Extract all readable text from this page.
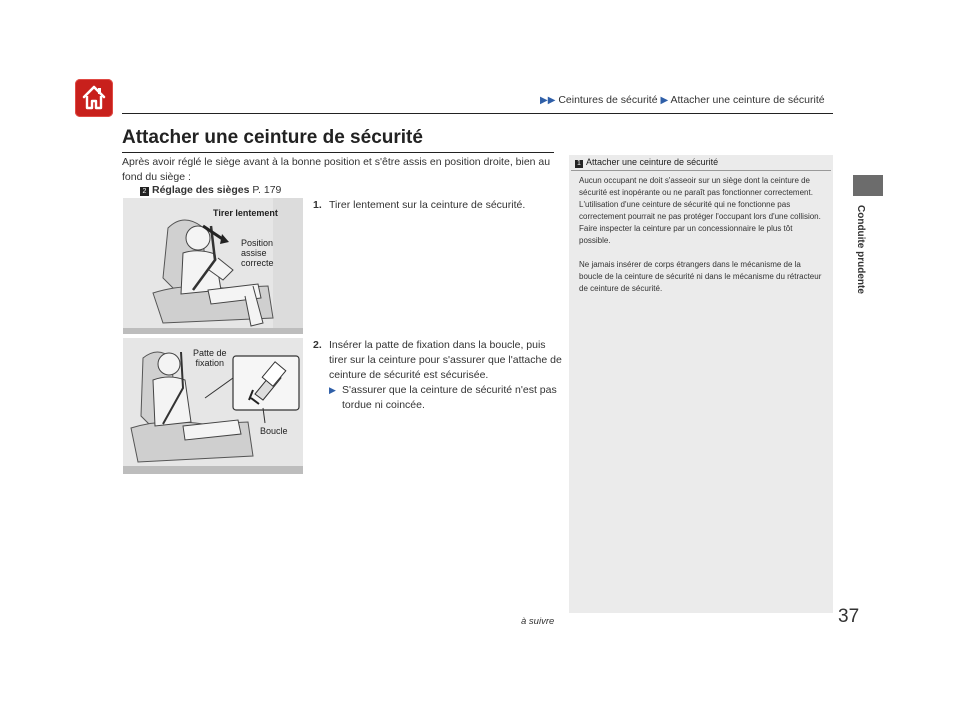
▶▶ Ceintures de sécurité ▶ Attacher une ceinture de sécurité
Attacher une ceinture de sécurité

Après avoir réglé le siège avant à la bonne position et s'être assis en position droite, bien au fond du siège :

2 Réglage des sièges P. 179
Tirer lentement
Position
assise
correcte
Patte de
fixation
Boucle
1. Tirer lentement sur la ceinture de sécurité.
2. Insérer la patte de fixation dans la boucle, puis
tirer sur la ceinture pour s'assurer que l'attache de ceinture de sécurité est sécurisée.
▶ S'assurer que la ceinture de sécurité n'est pas tordue ni coincée.
1 Attacher une ceinture de sécurité

Aucun occupant ne doit s'asseoir sur un siège dont la ceinture de sécurité est inopérante ou ne paraît pas fonctionner correctement. L'utilisation d'une ceinture de sécurité qui ne fonctionne pas correctement pourrait ne pas protéger l'occupant lors d'une collision. Faire inspecter la ceinture par un concessionnaire le plus tôt possible.

Ne jamais insérer de corps étrangers dans le mécanisme de la boucle de la ceinture de sécurité ni dans le mécanisme du rétracteur de ceinture de sécurité.	Conduite prudente
à suivre	37
